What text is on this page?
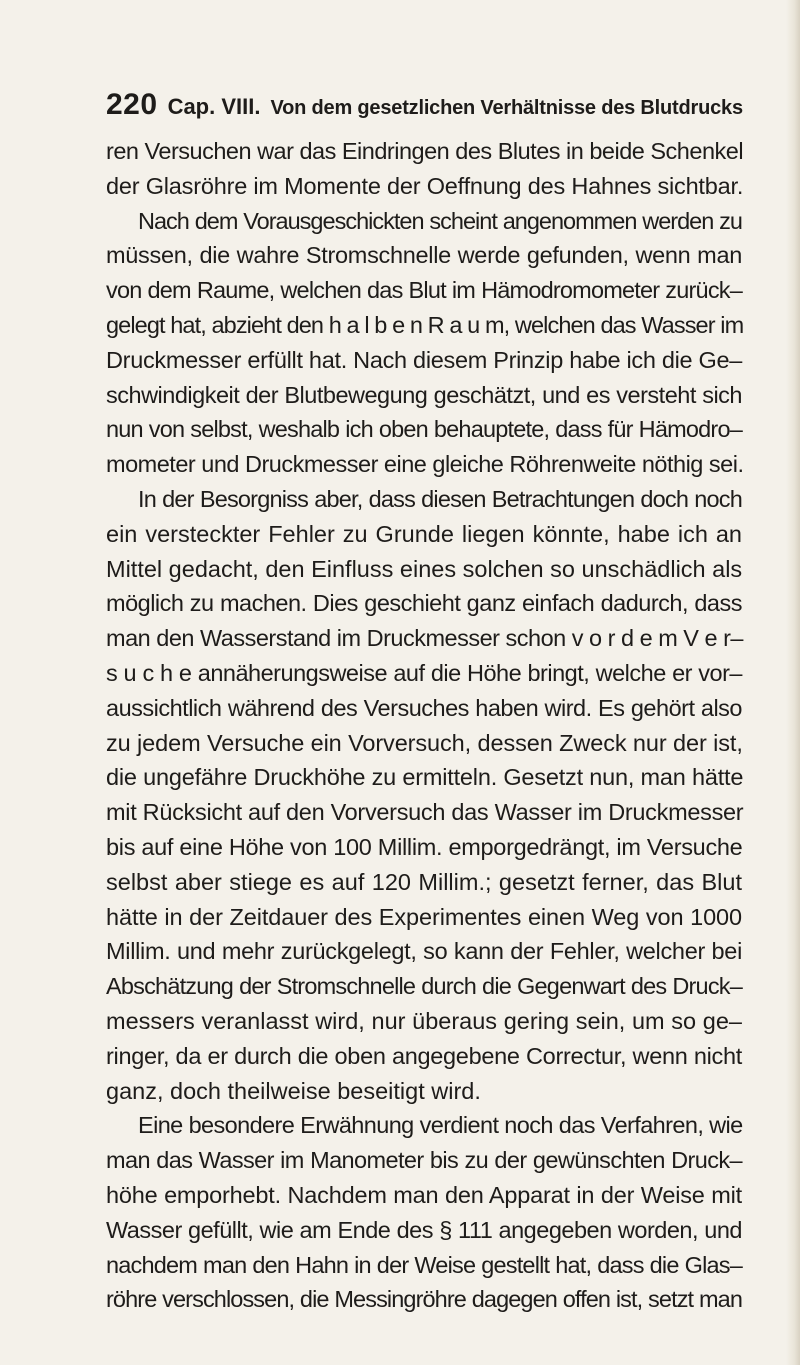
220 Cap. VIII. Von dem gesetzlichen Verhältnisse des Blutdrucks
ren Versuchen war das Eindringen des Blutes in beide Schenkel
der Glasröhre im Momente der Oeffnung des Hahnes sichtbar.
Nach dem Vorausgeschickten scheint angenommen werden zu
müssen, die wahre Stromschnelle werde gefunden, wenn man
von dem Raume, welchen das Blut im Hämodromometer zurück–
gelegt hat, abzieht den h a l b e n R a u m, welchen das Wasser im
Druckmesser erfüllt hat. Nach diesem Prinzip habe ich die Ge–
schwindigkeit der Blutbewegung geschätzt, und es versteht sich
nun von selbst, weshalb ich oben behauptete, dass für Hämodro–
mometer und Druckmesser eine gleiche Röhrenweite nöthig sei.
In der Besorgniss aber, dass diesen Betrachtungen doch noch
ein versteckter Fehler zu Grunde liegen könnte, habe ich an
Mittel gedacht, den Einfluss eines solchen so unschädlich als
möglich zu machen. Dies geschieht ganz einfach dadurch, dass
man den Wasserstand im Druckmesser schon v o r d e m V e r–
s u c h e annäherungsweise auf die Höhe bringt, welche er vor–
aussichtlich während des Versuches haben wird. Es gehört also
zu jedem Versuche ein Vorversuch, dessen Zweck nur der ist,
die ungefähre Druckhöhe zu ermitteln. Gesetzt nun, man hätte
mit Rücksicht auf den Vorversuch das Wasser im Druckmesser
bis auf eine Höhe von 100 Millim. emporgedrängt, im Versuche
selbst aber stiege es auf 120 Millim.; gesetzt ferner, das Blut
hätte in der Zeitdauer des Experimentes einen Weg von 1000
Millim. und mehr zurückgelegt, so kann der Fehler, welcher bei
Abschätzung der Stromschnelle durch die Gegenwart des Druck–
messers veranlasst wird, nur überaus gering sein, um so ge–
ringer, da er durch die oben angegebene Correctur, wenn nicht
ganz, doch theilweise beseitigt wird.
Eine besondere Erwähnung verdient noch das Verfahren, wie
man das Wasser im Manometer bis zu der gewünschten Druck–
höhe emporhebt. Nachdem man den Apparat in der Weise mit
Wasser gefüllt, wie am Ende des § 111 angegeben worden, und
nachdem man den Hahn in der Weise gestellt hat, dass die Glas–
röhre verschlossen, die Messingröhre dagegen offen ist, setzt man
